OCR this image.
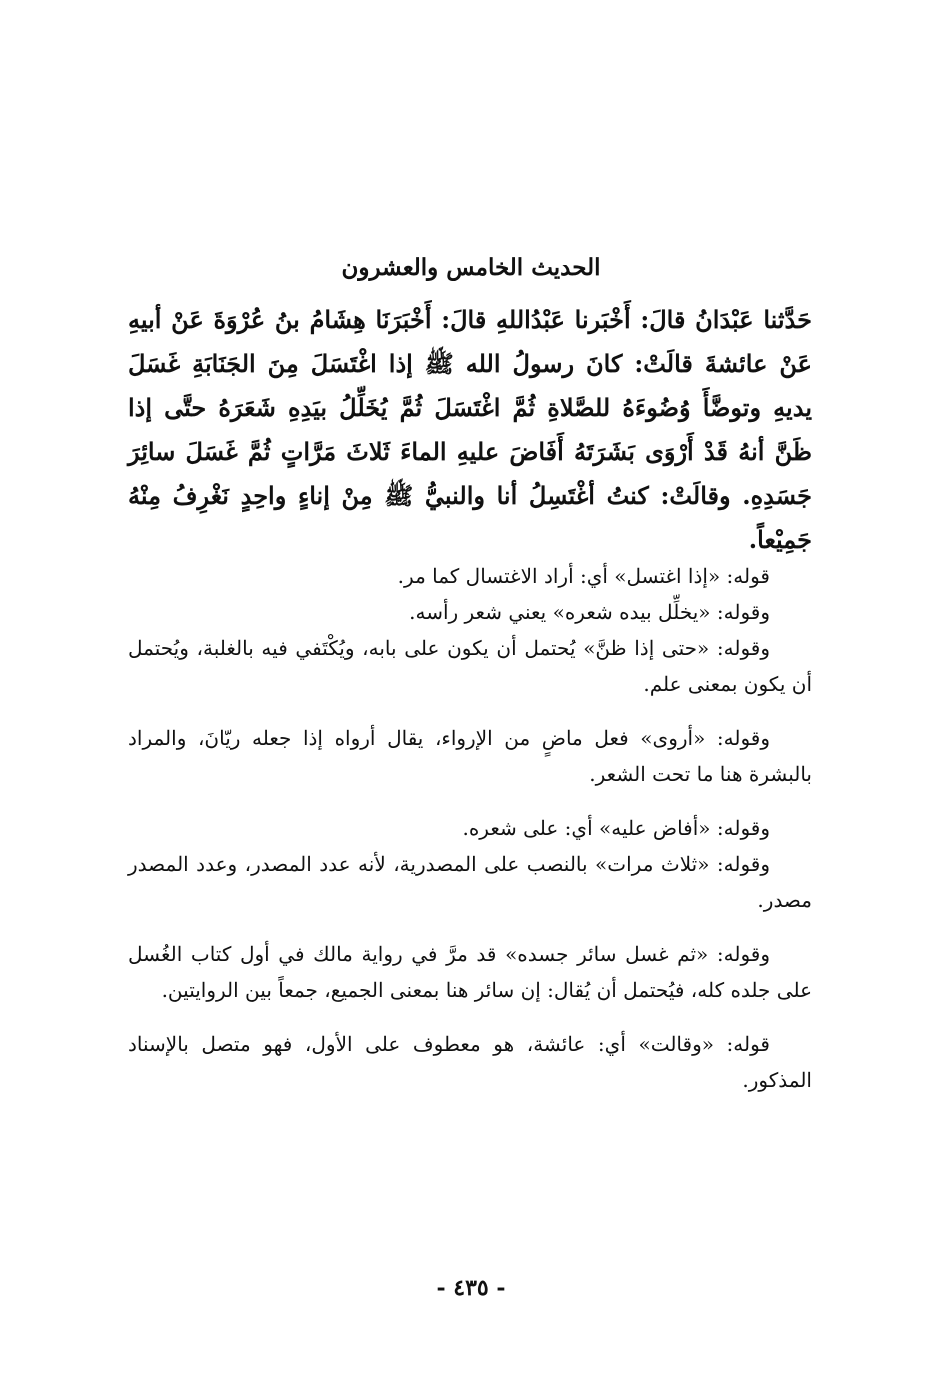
الحديث الخامس والعشرون

حَدَّثنا عَبْدَانُ قالَ: أَخْبَرنا عَبْدُاللهِ قالَ: أَخْبَرَنَا هِشَامُ بنُ عُرْوَةَ عَنْ أبيهِ عَنْ عائشةَ قالَتْ: كانَ رسولُ الله ﷺ إذا اغْتَسَلَ مِنَ الجَنَابَةِ غَسَلَ يديهِ وتوضَّأَ وُضُوءَهُ للصَّلاةِ ثُمَّ اغْتَسَلَ ثُمَّ يُخَلِّلُ بيَدِهِ شَعَرَهُ حتَّى إذا ظَنَّ أنهُ قَدْ أَرْوَى بَشَرَتَهُ أَفَاضَ عليهِ الماءَ ثَلاثَ مَرَّاتٍ ثُمَّ غَسَلَ سائِرَ جَسَدِهِ. وقالَتْ: كنتُ أغْتَسِلُ أنا والنبيُّ ﷺ مِنْ إناءٍ واحِدٍ نَغْرِفُ مِنْهُ جَمِيْعاً.

قوله: «إذا اغتسل» أي: أراد الاغتسال كما مر.

وقوله: «يخلِّل بيده شعره» يعني شعر رأسه.

وقوله: «حتى إذا ظنَّ» يُحتمل أن يكون على بابه، ويُكْتَفي فيه بالغلبة، ويُحتمل أن يكون بمعنى علم.

وقوله: «أروى» فعل ماضٍ من الإرواء، يقال أرواه إذا جعله ريّانَ، والمراد بالبشرة هنا ما تحت الشعر.

وقوله: «أفاض عليه» أي: على شعره.

وقوله: «ثلاث مرات» بالنصب على المصدرية، لأنه عدد المصدر، وعدد المصدر مصدر.

وقوله: «ثم غسل سائر جسده» قد مرَّ في رواية مالك في أول كتاب الغُسل على جلده كله، فيُحتمل أن يُقال: إن سائر هنا بمعنى الجميع، جمعاً بين الروايتين.

قوله: «وقالت» أي: عائشة، هو معطوف على الأول، فهو متصل بالإسناد المذكور.

- ٤٣٥ -
